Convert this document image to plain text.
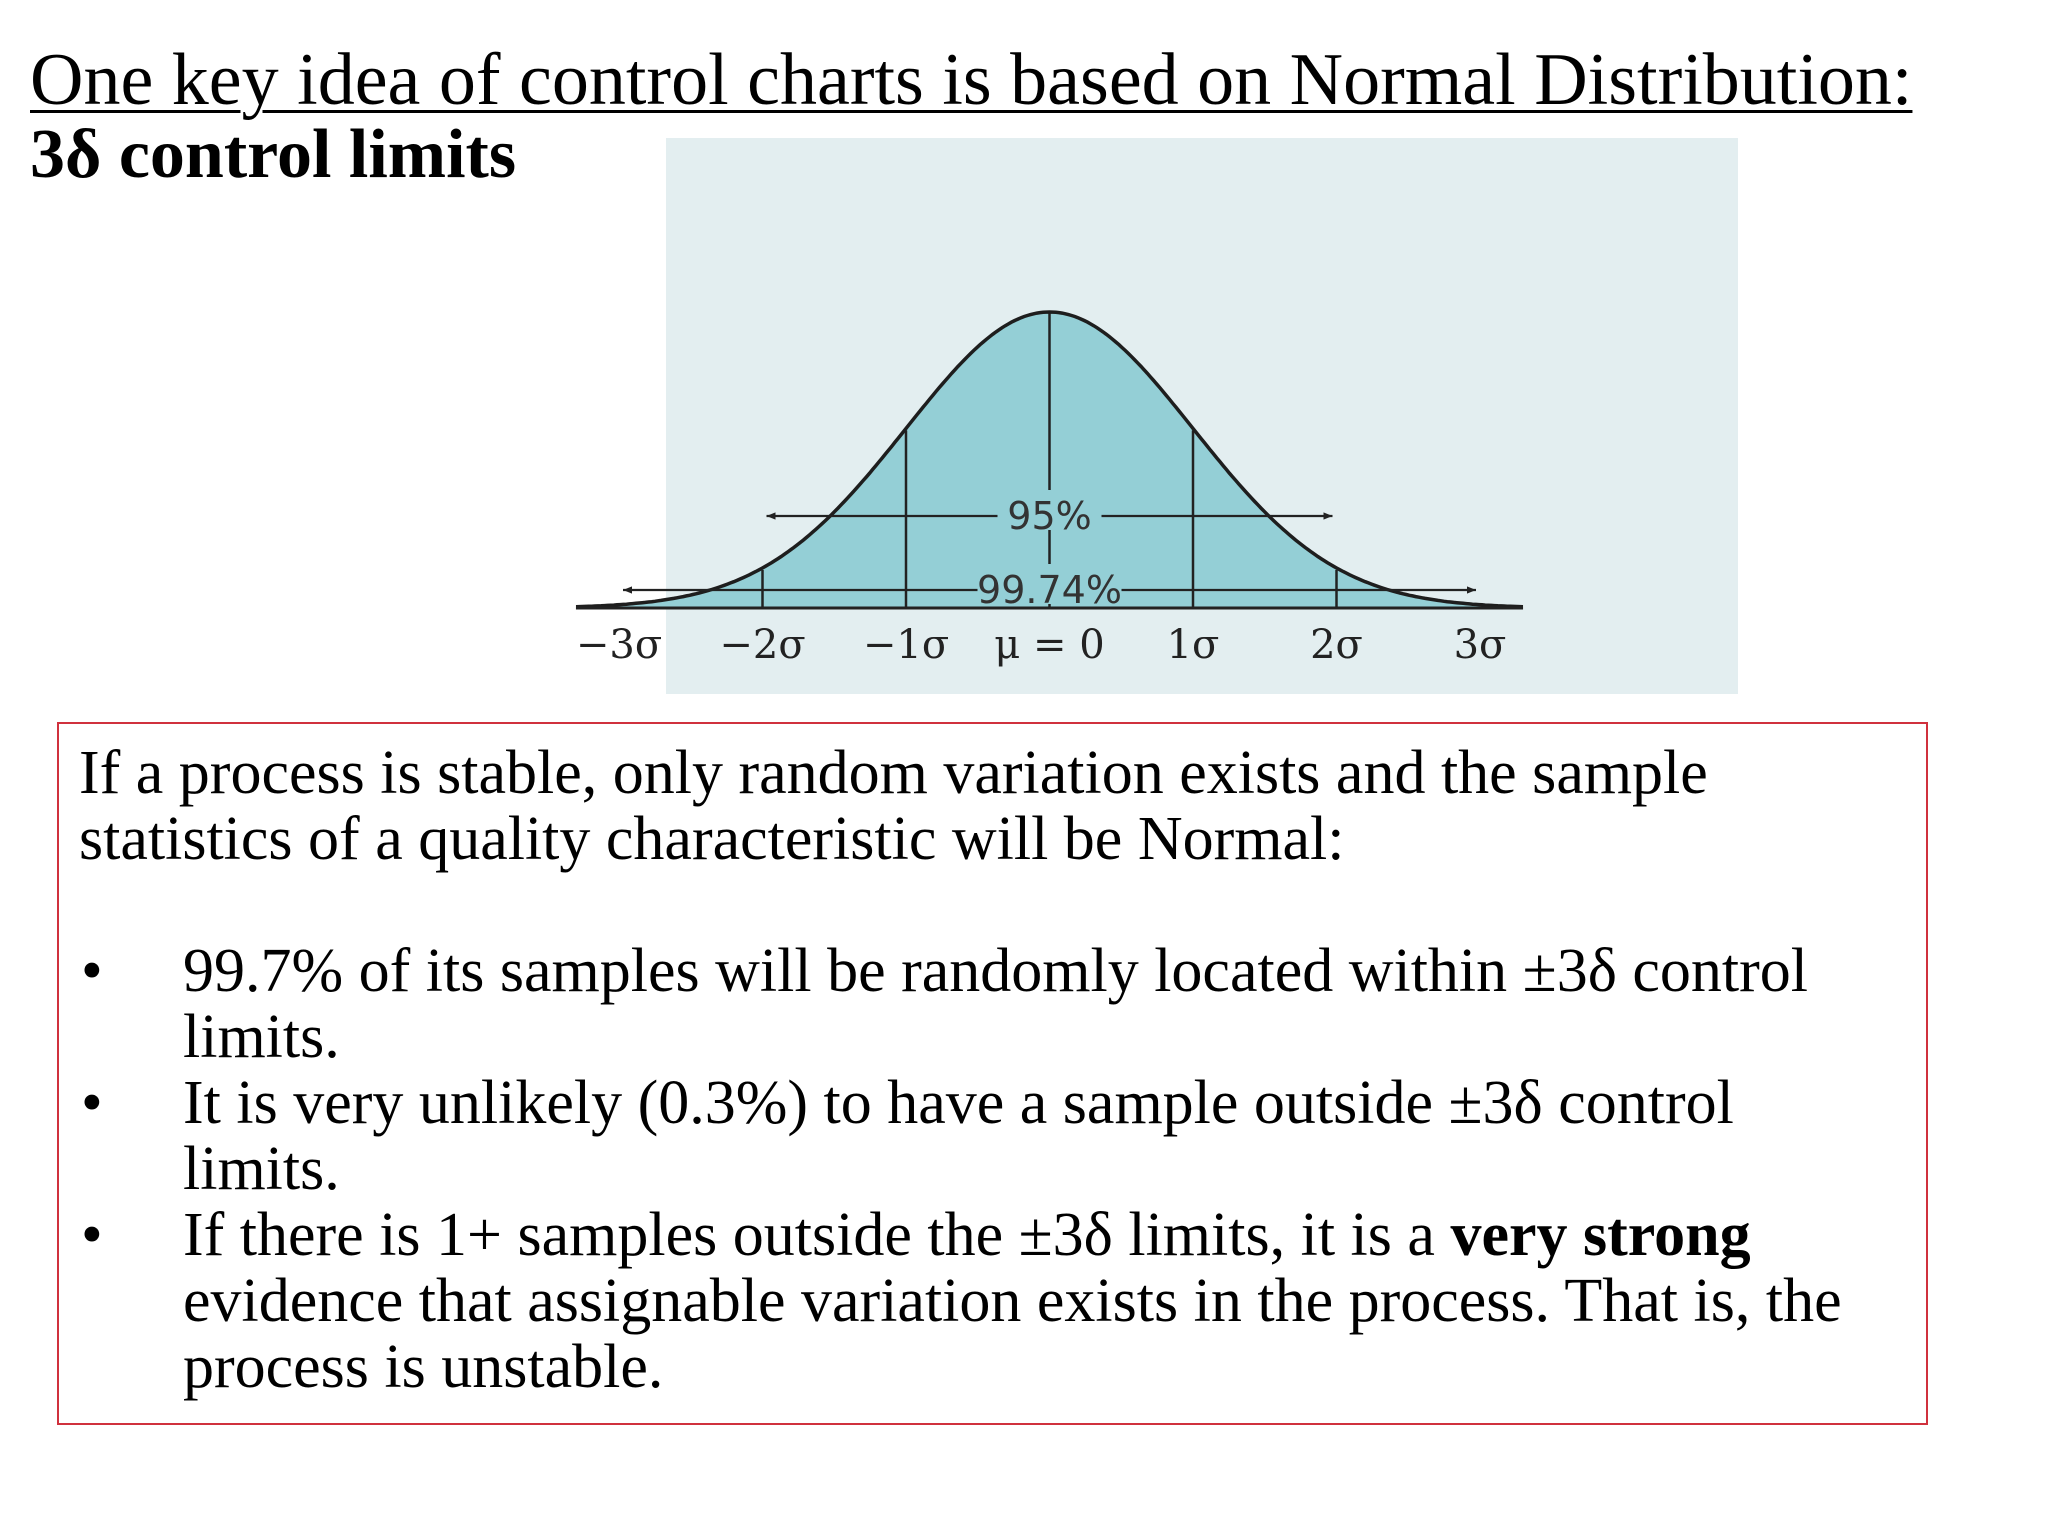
One key idea of control charts is based on Normal Distribution:
3δ control limits
95%
99.74%
−3σ −2σ −1σ μ = 0 1σ 2σ 3σ

If a process is stable, only random variation exists and the sample statistics of a quality characteristic will be Normal:

•	99.7% of its samples will be randomly located within ±3δ control limits.
•	It is very unlikely (0.3%) to have a sample outside ±3δ control limits.
•	If there is 1+ samples outside the ±3δ limits, it is a very strong evidence that assignable variation exists in the process. That is, the process is unstable.
